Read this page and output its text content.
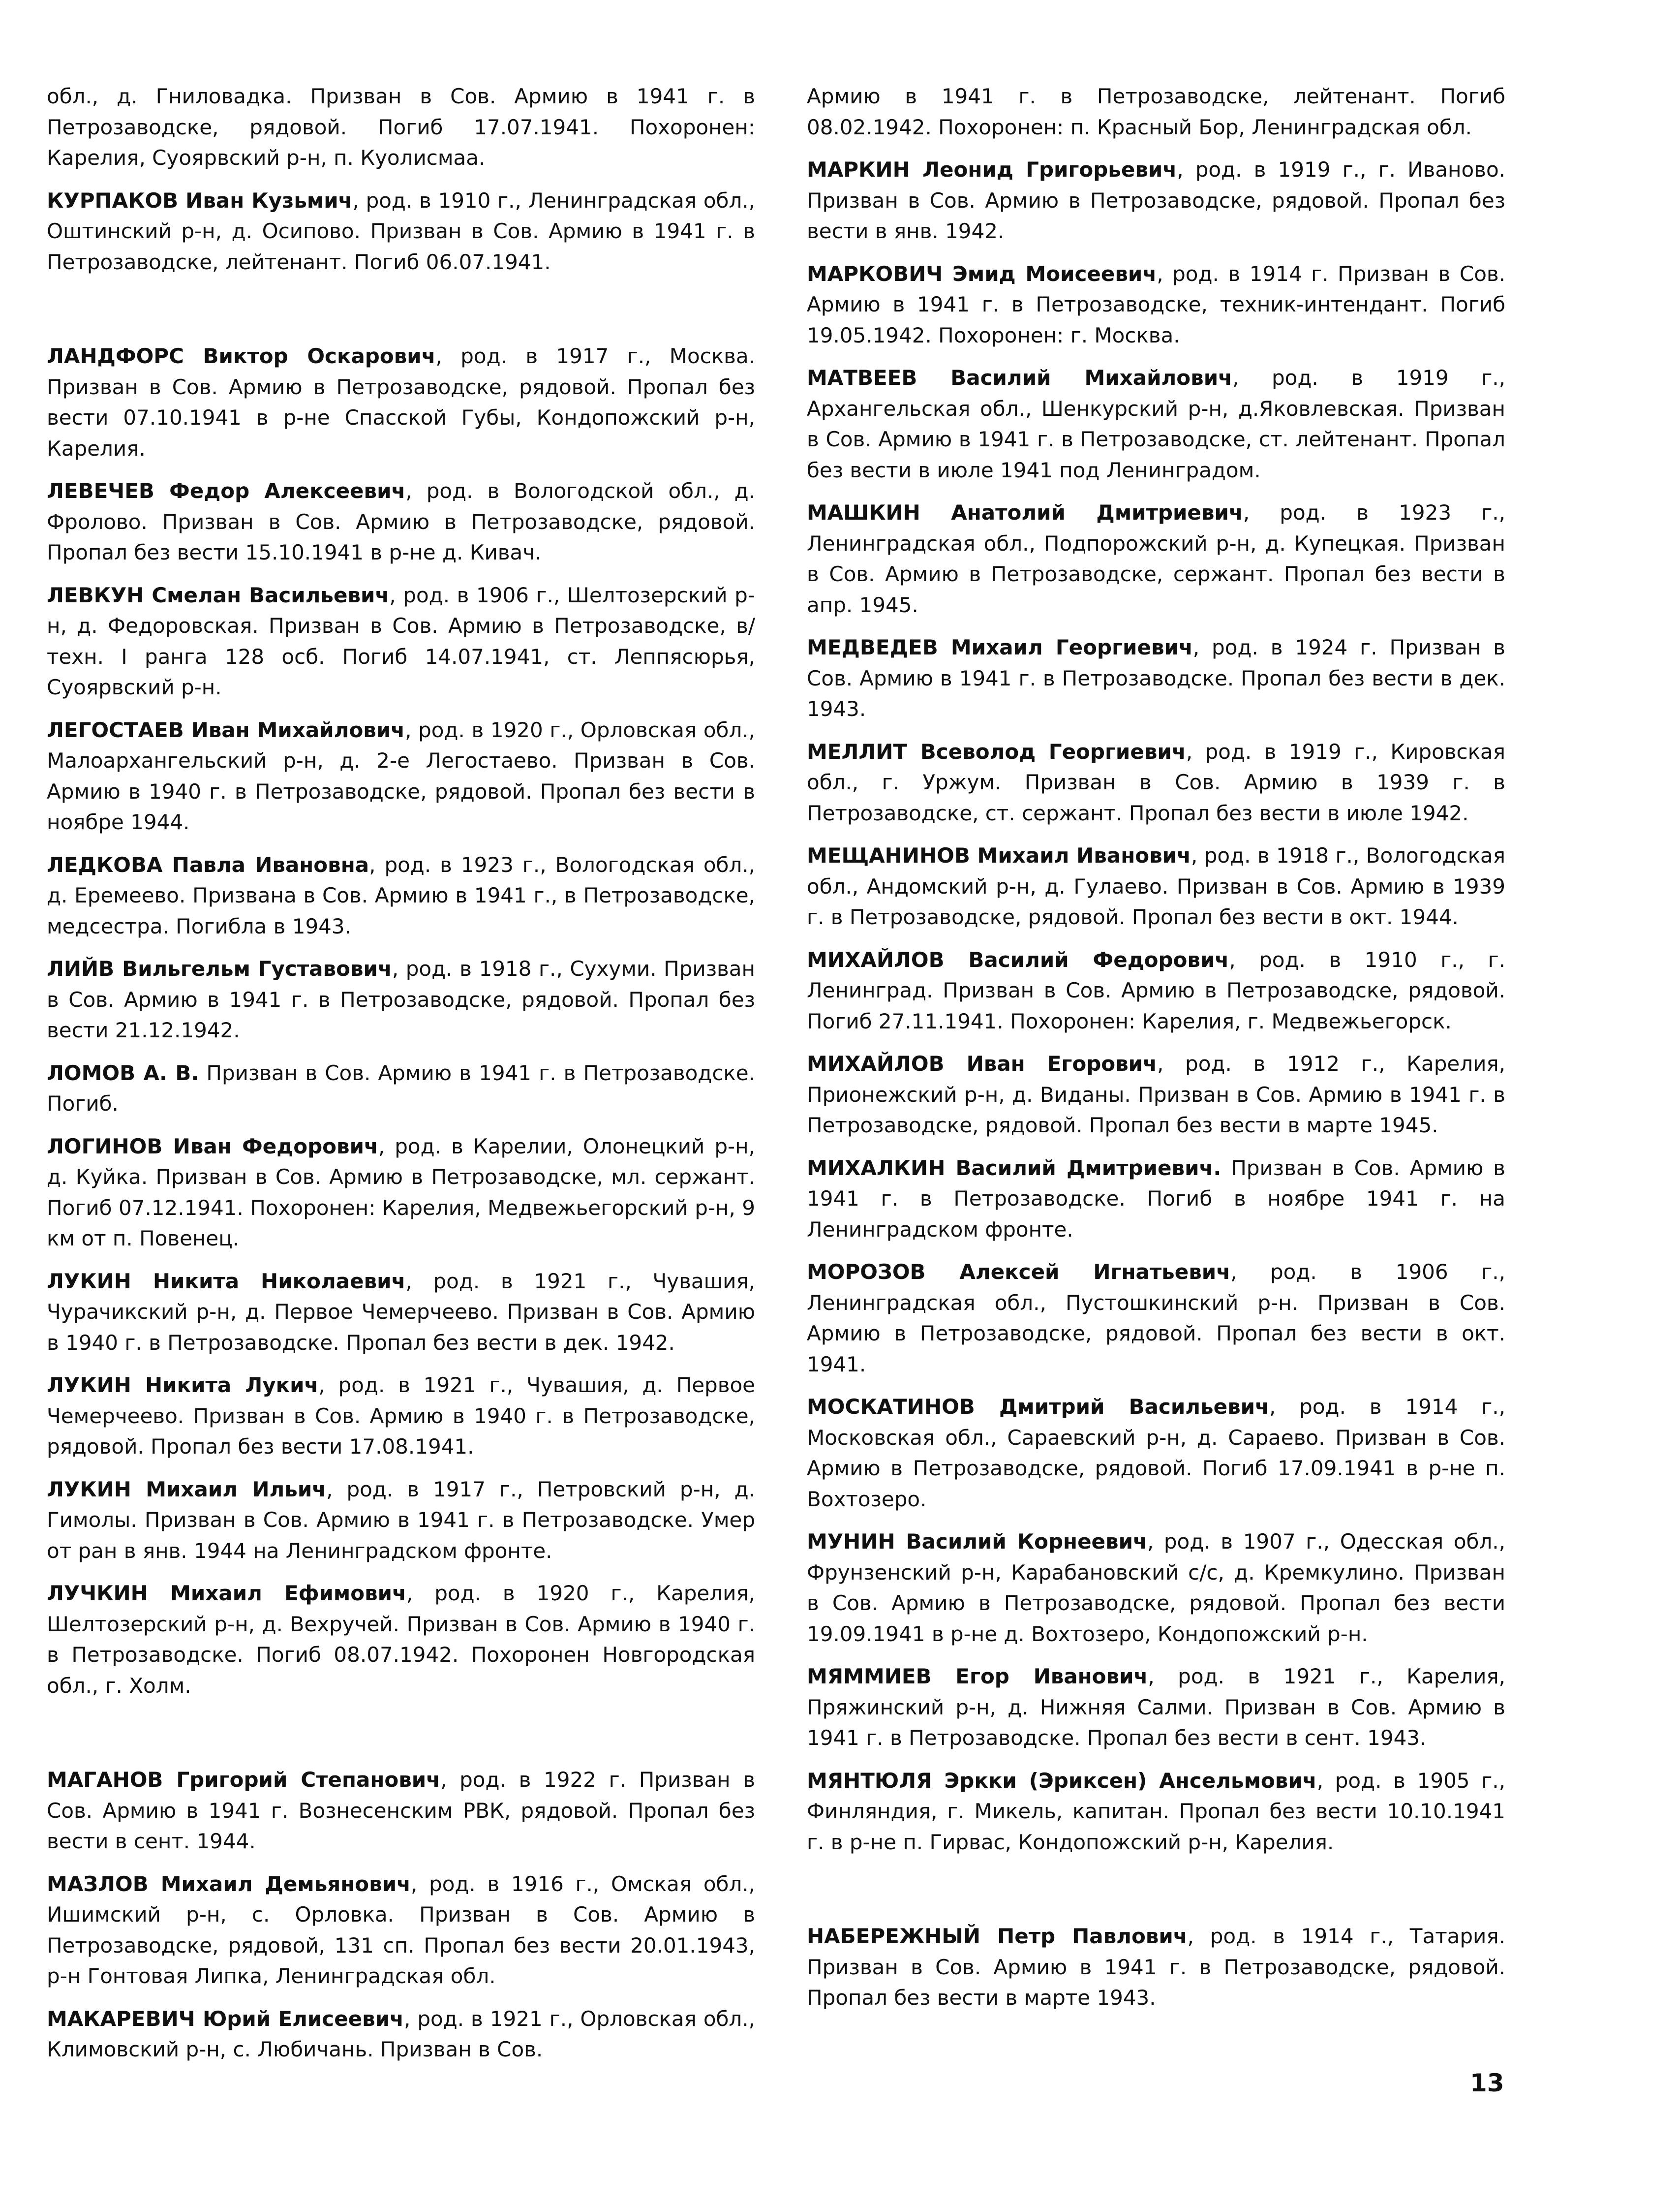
обл., д. Гниловадка. Призван в Сов. Армию в 1941 г. в Петрозаводске, рядовой. Погиб 17.07.1941. Похоронен: Карелия, Суоярвский р-н, п. Куолисмаа.

КУРПАКОВ Иван Кузьмич, род. в 1910 г., Ленинградская обл., Оштинский р-н, д. Осипово. Призван в Сов. Армию в 1941 г. в Петрозаводске, лейтенант. Погиб 06.07.1941.

ЛАНДФОРС Виктор Оскарович, род. в 1917 г., Москва. Призван в Сов. Армию в Петрозаводске, рядовой. Пропал без вести 07.10.1941 в р-не Спасской Губы, Кондопожский р-н, Карелия.

ЛЕВЕЧЕВ Федор Алексеевич, род. в Вологодской обл., д. Фролово. Призван в Сов. Армию в Петрозаводске, рядовой. Пропал без вести 15.10.1941 в р-не д. Кивач.

ЛЕВКУН Смелан Васильевич, род. в 1906 г., Шелтозерский р-н, д. Федоровская. Призван в Сов. Армию в Петрозаводске, в/техн. I ранга 128 осб. Погиб 14.07.1941, ст. Леппясюрья, Суоярвский р-н.

ЛЕГОСТАЕВ Иван Михайлович, род. в 1920 г., Орловская обл., Малоархангельский р-н, д. 2-е Легостаево. Призван в Сов. Армию в 1940 г. в Петрозаводске, рядовой. Пропал без вести в ноябре 1944.

ЛЕДКОВА Павла Ивановна, род. в 1923 г., Вологодская обл., д. Еремеево. Призвана в Сов. Армию в 1941 г., в Петрозаводске, медсестра. Погибла в 1943.

ЛИЙВ Вильгельм Густавович, род. в 1918 г., Сухуми. Призван в Сов. Армию в 1941 г. в Петрозаводске, рядовой. Пропал без вести 21.12.1942.

ЛОМОВ А. В. Призван в Сов. Армию в 1941 г. в Петрозаводске. Погиб.

ЛОГИНОВ Иван Федорович, род. в Карелии, Олонецкий р-н, д. Куйка. Призван в Сов. Армию в Петрозаводске, мл. сержант. Погиб 07.12.1941. Похоронен: Карелия, Медвежьегорский р-н, 9 км от п. Повенец.

ЛУКИН Никита Николаевич, род. в 1921 г., Чувашия, Чурачикский р-н, д. Первое Чемерчеево. Призван в Сов. Армию в 1940 г. в Петрозаводске. Пропал без вести в дек. 1942.

ЛУКИН Никита Лукич, род. в 1921 г., Чувашия, д. Первое Чемерчеево. Призван в Сов. Армию в 1940 г. в Петрозаводске, рядовой. Пропал без вести 17.08.1941.

ЛУКИН Михаил Ильич, род. в 1917 г., Петровский р-н, д. Гимолы. Призван в Сов. Армию в 1941 г. в Петрозаводске. Умер от ран в янв. 1944 на Ленинградском фронте.

ЛУЧКИН Михаил Ефимович, род. в 1920 г., Карелия, Шелтозерский р-н, д. Вехручей. Призван в Сов. Армию в 1940 г. в Петрозаводске. Погиб 08.07.1942. Похоронен Новгородская обл., г. Холм.

МАГАНОВ Григорий Степанович, род. в 1922 г. Призван в Сов. Армию в 1941 г. Вознесенским РВК, рядовой. Пропал без вести в сент. 1944.

МАЗЛОВ Михаил Демьянович, род. в 1916 г., Омская обл., Ишимский р-н, с. Орловка. Призван в Сов. Армию в Петрозаводске, рядовой, 131 сп. Пропал без вести 20.01.1943, р-н Гонтовая Липка, Ленинградская обл.

МАКАРЕВИЧ Юрий Елисеевич, род. в 1921 г., Орловская обл., Климовский р-н, с. Любичань. Призван в Сов.

Армию в 1941 г. в Петрозаводске, лейтенант. Погиб 08.02.1942. Похоронен: п. Красный Бор, Ленинградская обл.

МАРКИН Леонид Григорьевич, род. в 1919 г., г. Иваново. Призван в Сов. Армию в Петрозаводске, рядовой. Пропал без вести в янв. 1942.

МАРКОВИЧ Эмид Моисеевич, род. в 1914 г. Призван в Сов. Армию в 1941 г. в Петрозаводске, техник-интендант. Погиб 19.05.1942. Похоронен: г. Москва.

МАТВЕЕВ Василий Михайлович, род. в 1919 г., Архангельская обл., Шенкурский р-н, д.Яковлевская. Призван в Сов. Армию в 1941 г. в Петрозаводске, ст. лейтенант. Пропал без вести в июле 1941 под Ленинградом.

МАШКИН Анатолий Дмитриевич, род. в 1923 г., Ленинградская обл., Подпорожский р-н, д. Купецкая. Призван в Сов. Армию в Петрозаводске, сержант. Пропал без вести в апр. 1945.

МЕДВЕДЕВ Михаил Георгиевич, род. в 1924 г. Призван в Сов. Армию в 1941 г. в Петрозаводске. Пропал без вести в дек. 1943.

МЕЛЛИТ Всеволод Георгиевич, род. в 1919 г., Кировская обл., г. Уржум. Призван в Сов. Армию в 1939 г. в Петрозаводске, ст. сержант. Пропал без вести в июле 1942.

МЕЩАНИНОВ Михаил Иванович, род. в 1918 г., Вологодская обл., Андомский р-н, д. Гулаево. Призван в Сов. Армию в 1939 г. в Петрозаводске, рядовой. Пропал без вести в окт. 1944.

МИХАЙЛОВ Василий Федорович, род. в 1910 г., г. Ленинград. Призван в Сов. Армию в Петрозаводске, рядовой. Погиб 27.11.1941. Похоронен: Карелия, г. Медвежьегорск.

МИХАЙЛОВ Иван Егорович, род. в 1912 г., Карелия, Прионежский р-н, д. Виданы. Призван в Сов. Армию в 1941 г. в Петрозаводске, рядовой. Пропал без вести в марте 1945.

МИХАЛКИН Василий Дмитриевич. Призван в Сов. Армию в 1941 г. в Петрозаводске. Погиб в ноябре 1941 г. на Ленинградском фронте.

МОРОЗОВ Алексей Игнатьевич, род. в 1906 г., Ленинградская обл., Пустошкинский р-н. Призван в Сов. Армию в Петрозаводске, рядовой. Пропал без вести в окт. 1941.

МОСКАТИНОВ Дмитрий Васильевич, род. в 1914 г., Московская обл., Сараевский р-н, д. Сараево. Призван в Сов. Армию в Петрозаводске, рядовой. Погиб 17.09.1941 в р-не п. Вохтозеро.

МУНИН Василий Корнеевич, род. в 1907 г., Одесская обл., Фрунзенский р-н, Карабановский с/с, д. Кремкулино. Призван в Сов. Армию в Петрозаводске, рядовой. Пропал без вести 19.09.1941 в р-не д. Вохтозеро, Кондопожский р-н.

МЯММИЕВ Егор Иванович, род. в 1921 г., Карелия, Пряжинский р-н, д. Нижняя Салми. Призван в Сов. Армию в 1941 г. в Петрозаводске. Пропал без вести в сент. 1943.

МЯНТЮЛЯ Эркки (Эриксен) Ансельмович, род. в 1905 г., Финляндия, г. Микель, капитан. Пропал без вести 10.10.1941 г. в р-не п. Гирвас, Кондопожский р-н, Карелия.

НАБЕРЕЖНЫЙ Петр Павлович, род. в 1914 г., Татария. Призван в Сов. Армию в 1941 г. в Петрозаводске, рядовой. Пропал без вести в марте 1943.

13
